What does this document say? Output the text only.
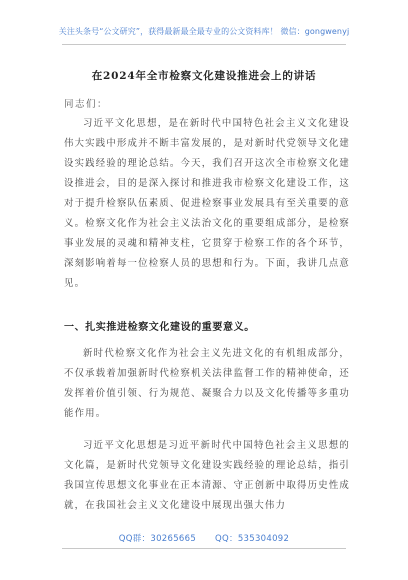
关注头条号“公文研究”，获得最新最全最专业的公文资料库！ 微信：gongwenyj
在2024年全市检察文化建设推进会上的讲话
同志们：

习近平文化思想，是在新时代中国特色社会主义文化建设伟大实践中形成并不断丰富发展的，是对新时代党领导文化建设实践经验的理论总结。今天，我们召开这次全市检察文化建设推进会，目的是深入探讨和推进我市检察文化建设工作，这对于提升检察队伍素质、促进检察事业发展具有至关重要的意义。检察文化作为社会主义法治文化的重要组成部分，是检察事业发展的灵魂和精神支柱，它贯穿于检察工作的各个环节，深刻影响着每一位检察人员的思想和行为。下面，我讲几点意见。

一、扎实推进检察文化建设的重要意义。

新时代检察文化作为社会主义先进文化的有机组成部分，不仅承载着加强新时代检察机关法律监督工作的精神使命，还发挥着价值引领、行为规范、凝聚合力以及文化传播等多重功能作用。

习近平文化思想是习近平新时代中国特色社会主义思想的文化篇，是新时代党领导文化建设实践经验的理论总结，指引我国宣传思想文化事业在正本清源、守正创新中取得历史性成就，在我国社会主义文化建设中展现出强大伟力

QQ群：30265665 QQ：535304092
